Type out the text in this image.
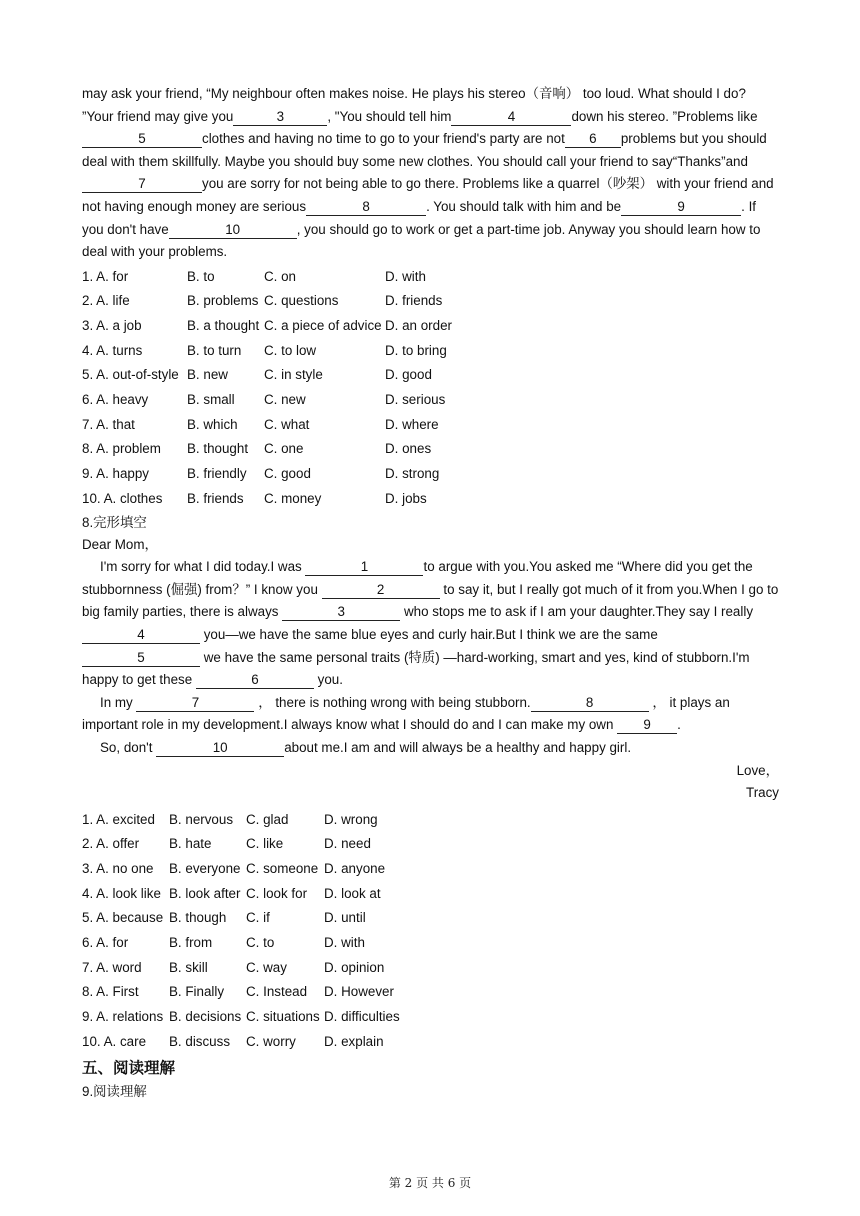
may ask your friend, “My neighbour often makes noise. He plays his stereo（音响） too loud. What should I do? ”Your friend may give you	3	, "You should tell him	4	down his stereo. ”Problems like5	clothes and having no time to go to your friend's party are not 6 problems but you should deal with them skillfully. Maybe you should buy some new clothes. You should call your friend to say“Thanks”and7	you are sorry for not being able to go there. Problems like a quarrel（吵架） with your friend and not having enough money are serious	8	. You should talk with him and be	9	. If you don't have	10	, you should go to work or get a part-time job. Anyway you should learn how to deal with your problems.

1. A. for	B. to	C. on	D. with
2. A. life	B. problems	C. questions	D. friends
3. A. a job	B. a thought	C. a piece of advice	D. an order
4. A. turns	B. to turn	C. to low	D. to bring
5. A. out-of-style	B. new	C. in style	D. good
6. A. heavy	B. small	C. new	D. serious
7. A. that	B. which	C. what	D. where
8. A. problem	B. thought	C. one	D. ones
9. A. happy	B. friendly	C. good	D. strong
10. A. clothes	B. friends	C. money	D. jobs

8.完形填空

Dear Mom，

I'm sorry for what I did today.I was	1	to argue with you.You asked me “Where did you get the stubbornness (倔强) from？” I know you	2	to say it, but I really got much of it from you.When I go to big family parties, there is always	3	who stops me to ask if I am your daughter.They say I really 4	you—we have the same blue eyes and curly hair.But I think we are the same 5	we have the same personal traits (特质) —hard-working, smart and yes, kind of stubborn.I'm happy to get these	6	you.

In my	7	， there is nothing wrong with being stubborn.	8	， it plays an important role in my development.I always know what I should do and I can make my own 9 .

So, don't	10	about me.I am and will always be a healthy and happy girl.

Love，

Tracy

1. A. excited	B. nervous	C. glad	D. wrong
2. A. offer	B. hate	C. like	D. need
3. A. no one	B. everyone	C. someone	D. anyone
4. A. look like	B. look after	C. look for	D. look at
5. A. because	B. though	C. if	D. until
6. A. for	B. from	C. to	D. with
7. A. word	B. skill	C. way	D. opinion
8. A. First	B. Finally	C. Instead	D. However
9. A. relations	B. decisions	C. situations	D. difficulties
10. A. care	B. discuss	C. worry	D. explain

五、阅读理解

9.阅读理解

第 2 页 共 6 页
